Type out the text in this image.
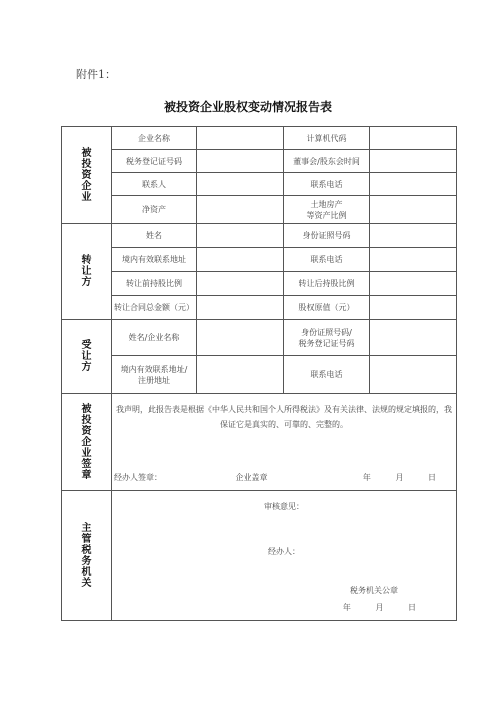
附件1：
被投资企业股权变动情况报告表
被投资企业	企业名称		计算机代码	
	税务登记证号码		董事会/股东会时间	
	联系人		联系电话	
	净资产		土地房产
等资产比例	

转让方	姓名		身份证照号码	
	境内有效联系地址		联系电话	
	转让前持股比例		转让后持股比例	
	转让合同总金额（元）		股权原值（元）	
受让方	姓名/企业名称		身份证照号码/
税务登记证号码	

	境内有效联系地址/
注册地址		联系电话	
被投资企业签章	我声明，此报告表是根据《中华人民共和国个人所得税法》及有关法律、法规的规定填报的，我保证它是真实的、可靠的、完整的。
经办人签章： 企业盖章 年 月 日			

主管税务机关	审核意见：
经办人：
税务机关公章
年 月 日			
